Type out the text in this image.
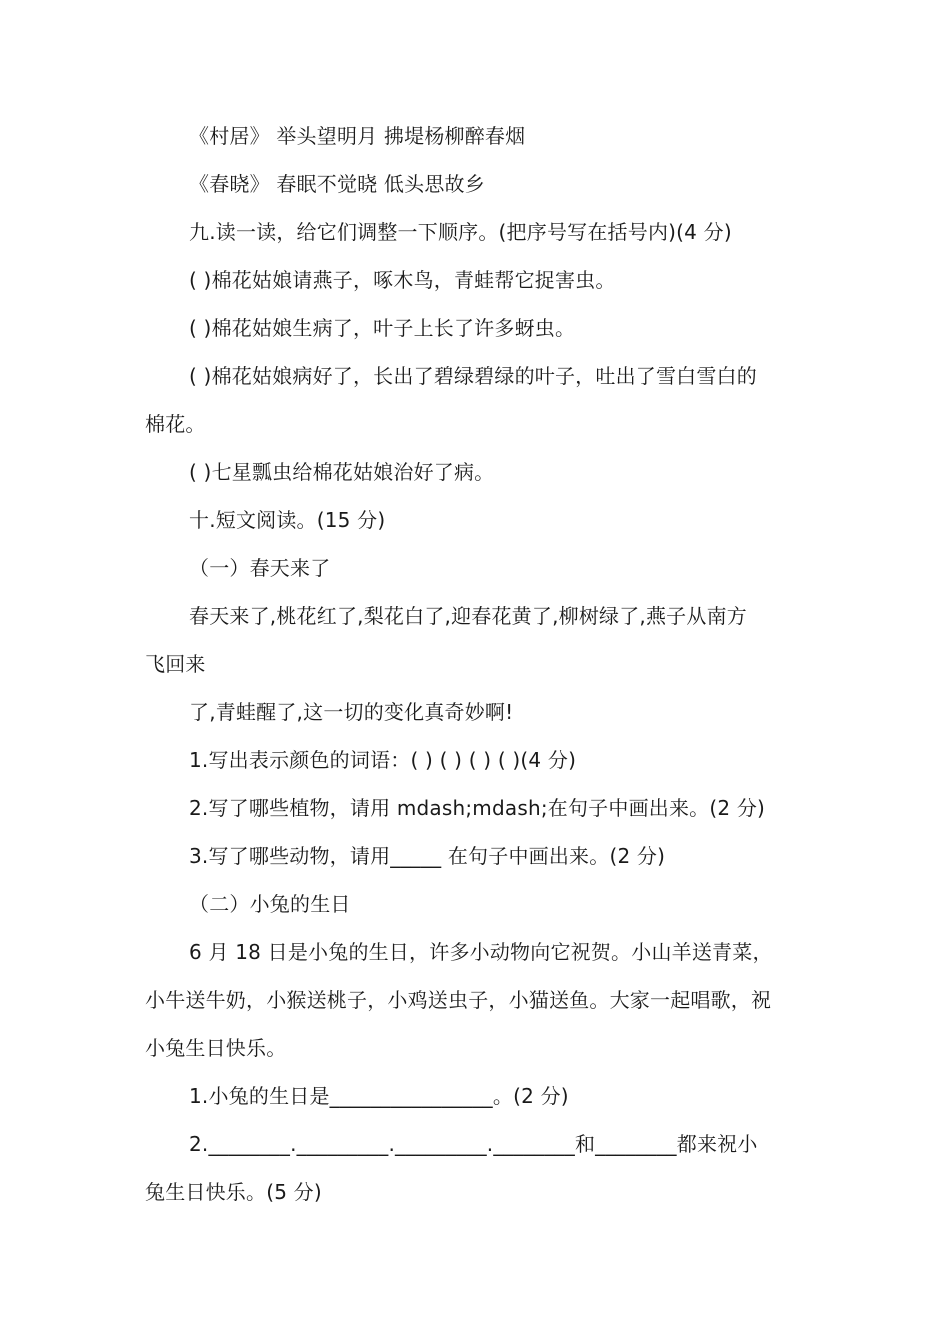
《村居》 举头望明月 拂堤杨柳醉春烟
《春晓》 春眠不觉晓 低头思故乡
九.读一读，给它们调整一下顺序。(把序号写在括号内)(4 分)
( )棉花姑娘请燕子，啄木鸟，青蛙帮它捉害虫。
( )棉花姑娘生病了，叶子上长了许多蚜虫。
( )棉花姑娘病好了，长出了碧绿碧绿的叶子，吐出了雪白雪白的
棉花。
( )七星瓢虫给棉花姑娘治好了病。
十.短文阅读。(15 分)
（一）春天来了
春天来了,桃花红了,梨花白了,迎春花黄了,柳树绿了,燕子从南方
飞回来
了,青蛙醒了,这一切的变化真奇妙啊!
1.写出表示颜色的词语：( ) ( ) ( ) ( )(4 分)
2.写了哪些植物，请用 mdash;mdash;在句子中画出来。(2 分)
3.写了哪些动物，请用_____ 在句子中画出来。(2 分)
（二）小兔的生日
6 月 18 日是小兔的生日，许多小动物向它祝贺。小山羊送青菜，
小牛送牛奶，小猴送桃子，小鸡送虫子，小猫送鱼。大家一起唱歌，祝
小兔生日快乐。
1.小兔的生日是________________。(2 分)
2.________._________._________.________和________都来祝小
兔生日快乐。(5 分)
